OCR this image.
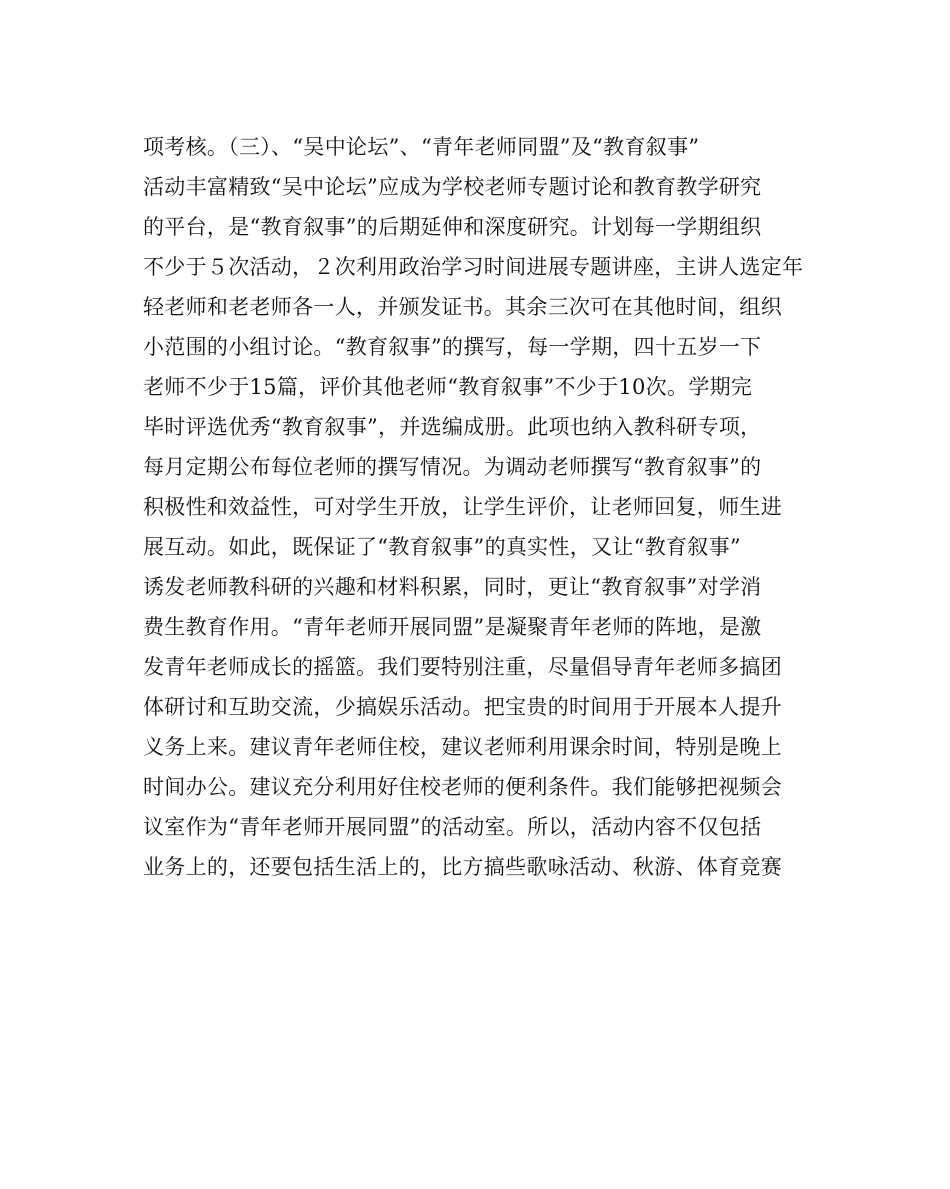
项考核。（三）、“吴中论坛”、“青年老师同盟”及“教育叙事”
活动丰富精致“吴中论坛”应成为学校老师专题讨论和教育教学研究
的平台，是“教育叙事”的后期延伸和深度研究。计划每一学期组织
不少于５次活动，２次利用政治学习时间进展专题讲座，主讲人选定年
轻老师和老老师各一人，并颁发证书。其余三次可在其他时间，组织
小范围的小组讨论。“教育叙事”的撰写，每一学期，四十五岁一下
老师不少于15篇，评价其他老师“教育叙事”不少于10次。学期完
毕时评选优秀“教育叙事”，并选编成册。此项也纳入教科研专项，
每月定期公布每位老师的撰写情况。为调动老师撰写“教育叙事”的
积极性和效益性，可对学生开放，让学生评价，让老师回复，师生进
展互动。如此，既保证了“教育叙事”的真实性，又让“教育叙事”
诱发老师教科研的兴趣和材料积累，同时，更让“教育叙事”对学消
费生教育作用。“青年老师开展同盟”是凝聚青年老师的阵地，是激
发青年老师成长的摇篮。我们要特别注重，尽量倡导青年老师多搞团
体研讨和互助交流，少搞娱乐活动。把宝贵的时间用于开展本人提升
义务上来。建议青年老师住校，建议老师利用课余时间，特别是晚上
时间办公。建议充分利用好住校老师的便利条件。我们能够把视频会
议室作为“青年老师开展同盟”的活动室。所以，活动内容不仅包括
业务上的，还要包括生活上的，比方搞些歌咏活动、秋游、体育竞赛
